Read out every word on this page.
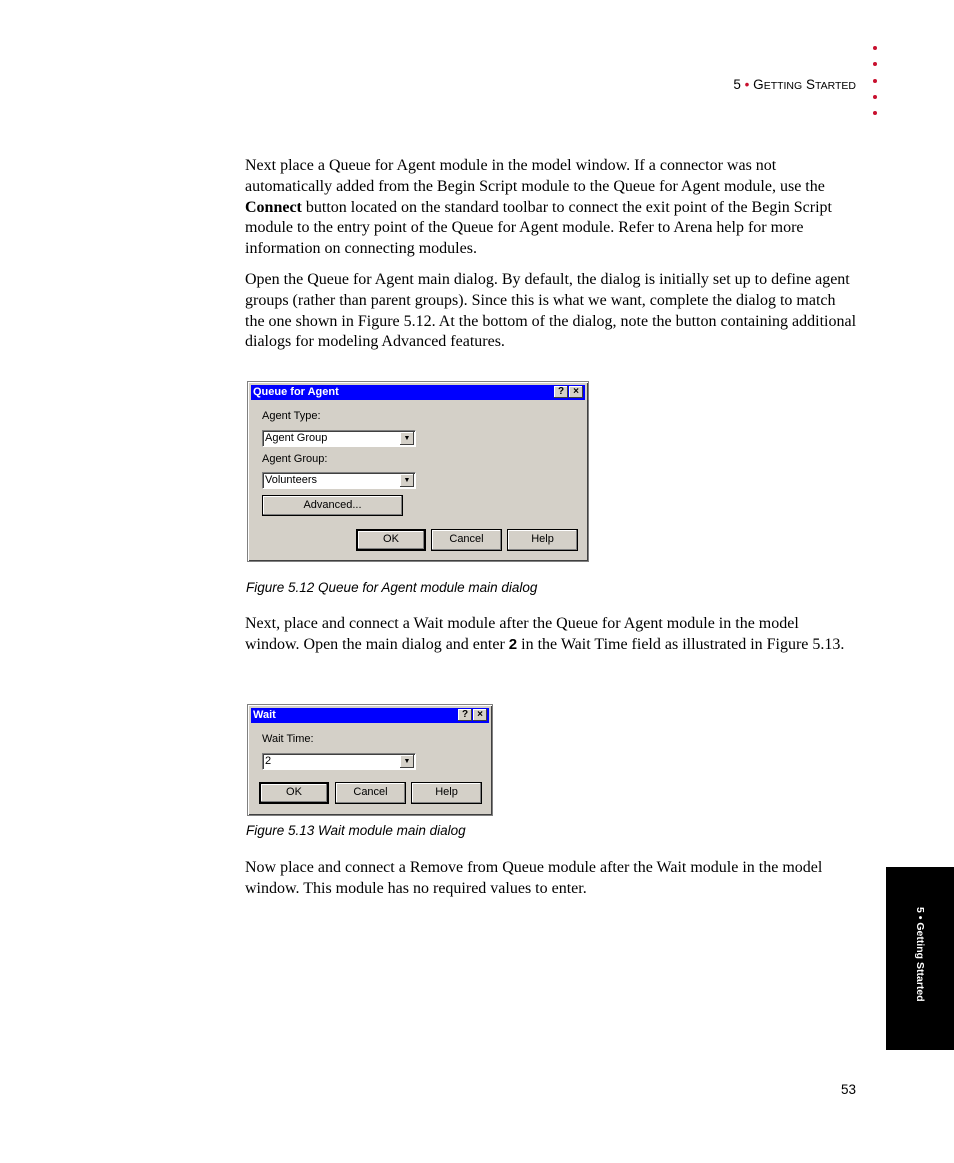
5 • GETTING STARTED

Next place a Queue for Agent module in the model window. If a connector was not automatically added from the Begin Script module to the Queue for Agent module, use the Connect button located on the standard toolbar to connect the exit point of the Begin Script module to the entry point of the Queue for Agent module. Refer to Arena help for more information on connecting modules.

Open the Queue for Agent main dialog. By default, the dialog is initially set up to define agent groups (rather than parent groups). Since this is what we want, complete the dialog to match the one shown in Figure 5.12. At the bottom of the dialog, note the button containing additional dialogs for modeling Advanced features.

Queue for Agent	? ×
Agent Type:
Agent Group	▼
Agent Group:
Volunteers	▼
Advanced...
OK	Cancel	Help
Figure 5.12 Queue for Agent module main dialog

Next, place and connect a Wait module after the Queue for Agent module in the model window. Open the main dialog and enter 2 in the Wait Time field as illustrated in Figure 5.13.

Wait	? ×
Wait Time:
2	▼
OK	Cancel	Help
Figure 5.13 Wait module main dialog

Now place and connect a Remove from Queue module after the Wait module in the model window. This module has no required values to enter.

5 • Getting Sttarted
53
